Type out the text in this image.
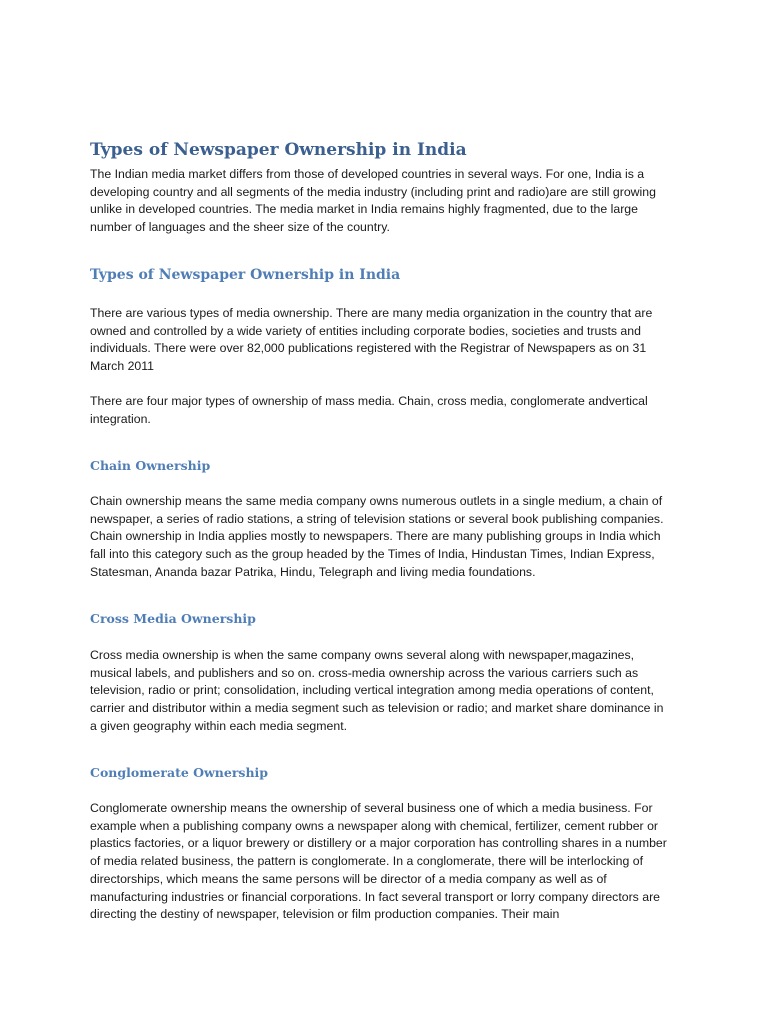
Types of Newspaper Ownership in India

The Indian media market differs from those of developed countries in several ways. For one, India is a developing country and all segments of the media industry (including print and radio)are are still growing unlike in developed countries. The media market in India remains highly fragmented, due to the large number of languages and the sheer size of the country.

Types of Newspaper Ownership in India

There are various types of media ownership. There are many media organization in the country that are owned and controlled by a wide variety of entities including corporate bodies, societies and trusts and individuals. There were over 82,000 publications registered with the Registrar of Newspapers as on 31 March 2011

There are four major types of ownership of mass media. Chain, cross media, conglomerate andvertical integration.

Chain Ownership

Chain ownership means the same media company owns numerous outlets in a single medium, a chain of newspaper, a series of radio stations, a string of television stations or several book publishing companies. Chain ownership in India applies mostly to newspapers. There are many publishing groups in India which fall into this category such as the group headed by the Times of India, Hindustan Times, Indian Express, Statesman, Ananda bazar Patrika, Hindu, Telegraph and living media foundations.

Cross Media Ownership

Cross media ownership is when the same company owns several along with newspaper,magazines, musical labels, and publishers and so on. cross-media ownership across the various carriers such as television, radio or print; consolidation, including vertical integration among media operations of content, carrier and distributor within a media segment such as television or radio; and market share dominance in a given geography within each media segment.

Conglomerate Ownership

Conglomerate ownership means the ownership of several business one of which a media business. For example when a publishing company owns a newspaper along with chemical, fertilizer, cement rubber or plastics factories, or a liquor brewery or distillery or a major corporation has controlling shares in a number of media related business, the pattern is conglomerate. In a conglomerate, there will be interlocking of directorships, which means the same persons will be director of a media company as well as of manufacturing industries or financial corporations. In fact several transport or lorry company directors are directing the destiny of newspaper, television or film production companies. Their main
